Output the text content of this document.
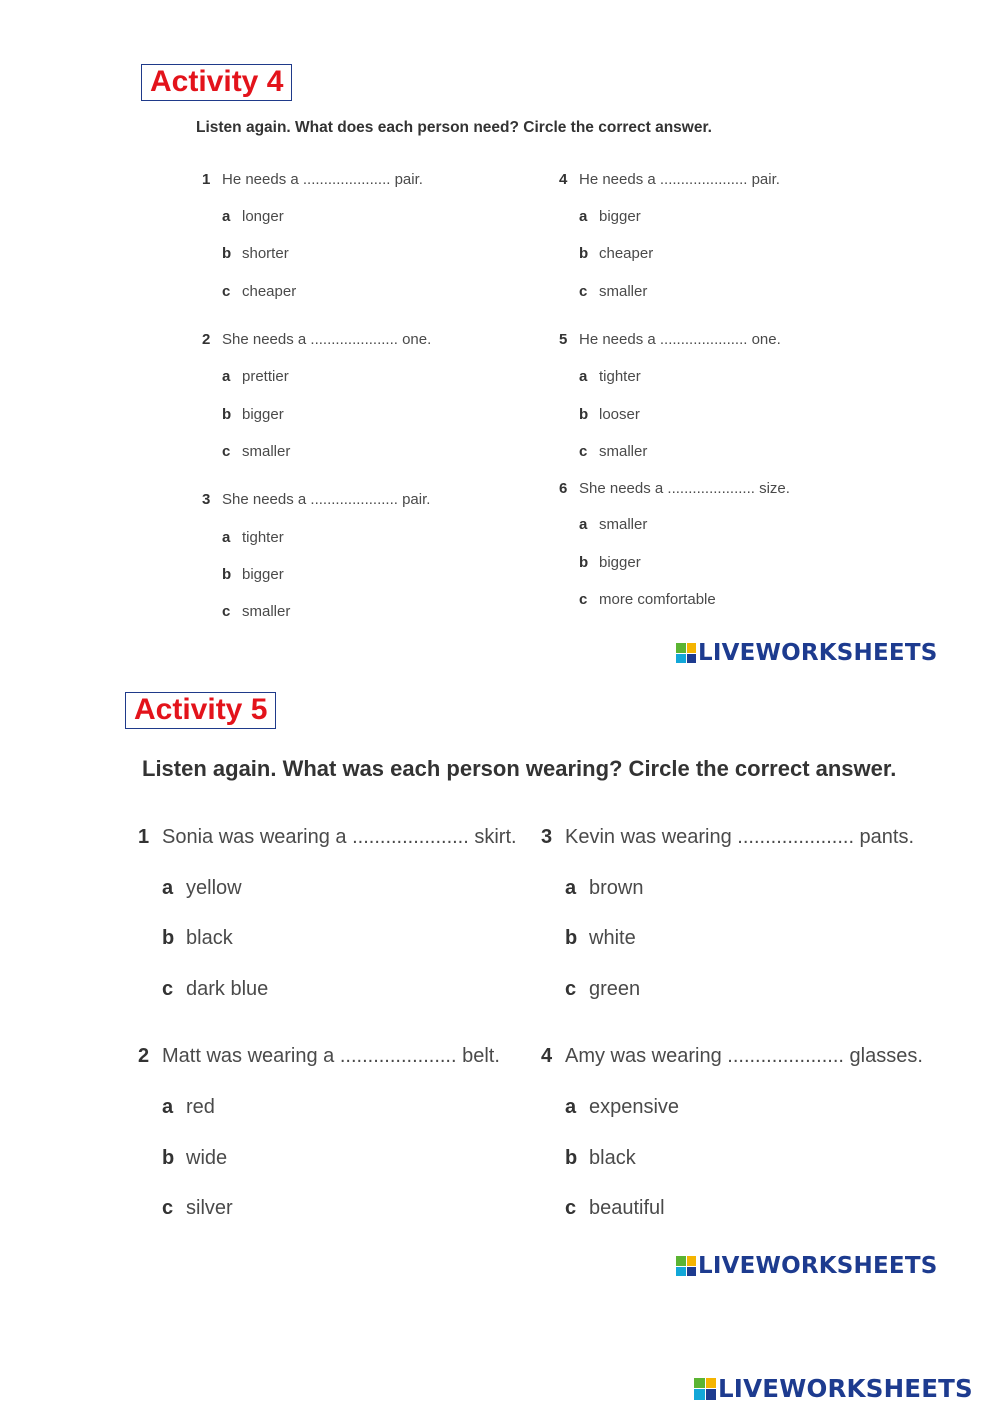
Activity 4
Listen again. What does each person need? Circle the correct answer.
1 He needs a ..................... pair.
a longer
b shorter
c cheaper
2 She needs a ..................... one.
a prettier
b bigger
c smaller
3 She needs a ..................... pair.
a tighter
b bigger
c smaller
4 He needs a ..................... pair.
a bigger
b cheaper
c smaller
5 He needs a ..................... one.
a tighter
b looser
c smaller
6 She needs a ..................... size.
a smaller
b bigger
c more comfortable
LIVEWORKSHEETS
Activity 5
Listen again. What was each person wearing? Circle the correct answer.
1 Sonia was wearing a ..................... skirt.
a yellow
b black
c dark blue
2 Matt was wearing a ..................... belt.
a red
b wide
c silver
3 Kevin was wearing ..................... pants.
a brown
b white
c green
4 Amy was wearing ..................... glasses.
a expensive
b black
c beautiful
LIVEWORKSHEETS
LIVEWORKSHEETS
